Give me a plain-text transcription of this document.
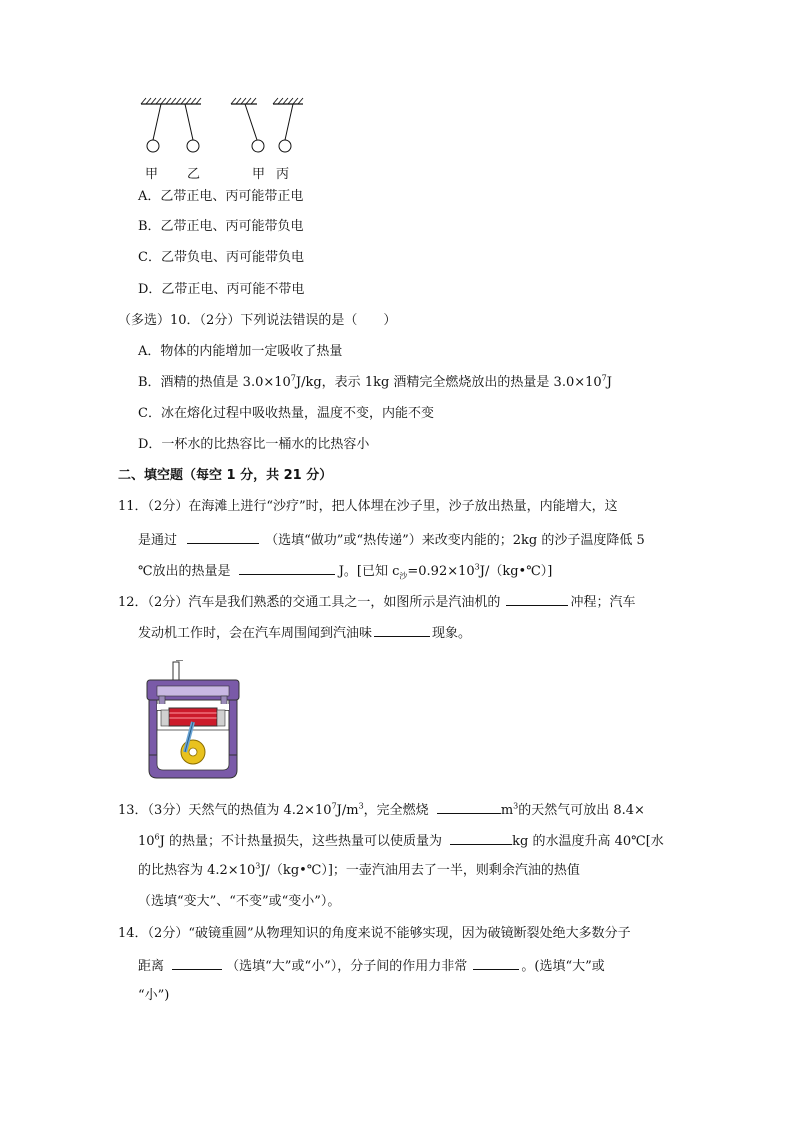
甲 乙	甲 丙
A．乙带正电、丙可能带正电
B．乙带正电、丙可能带负电
C．乙带负电、丙可能带负电
D．乙带正电、丙可能不带电
（多选）10．（2分）下列说法错误的是（　　）
A．物体的内能增加一定吸收了热量
B．酒精的热值是 $3.0\times 10^7J/kg$，表示 1kg 酒精完全燃烧放出的热量是 $3.0\times 10^7J$
C．冰在熔化过程中吸收热量，温度不变，内能不变
D．一杯水的比热容比一桶水的比热容小
二、填空题（每空 1 分，共 21 分）
11．（2分）在海滩上进行“沙疗”时，把人体埋在沙子里，沙子放出热量，内能增大，这
是通过	（选填“做功”或“热传递”）来改变内能的；2kg 的沙子温度降低 5
℃放出的热量是	J。[已知 $c_沙=0.92\times 10^3J/(kg•℃)$]
12．（2分）汽车是我们熟悉的交通工具之一，如图所示是汽油机的	冲程；汽车
发动机工作时，会在汽车周围闻到汽油味	现象。
13．（3分）天然气的热值为 $4.2\times 10^7J/m^3$，完全燃烧	$m^3$的天然气可放出 8.4×
$10^6J$ 的热量；不计热量损失，这些热量可以使质量为	kg 的水温度升高 40℃[水
的比热容为 $4.2\times 10^3J/(kg•℃)$]；一壶汽油用去了一半，则剩余汽油的热值
（选填“变大”、“不变”或“变小”）。
14．（2分）“破镜重圆”从物理知识的角度来说不能够实现，因为破镜断裂处绝大多数分子
距离	（选填“大”或“小”），分子间的作用力非常	。(选填“大”或
“小”)
